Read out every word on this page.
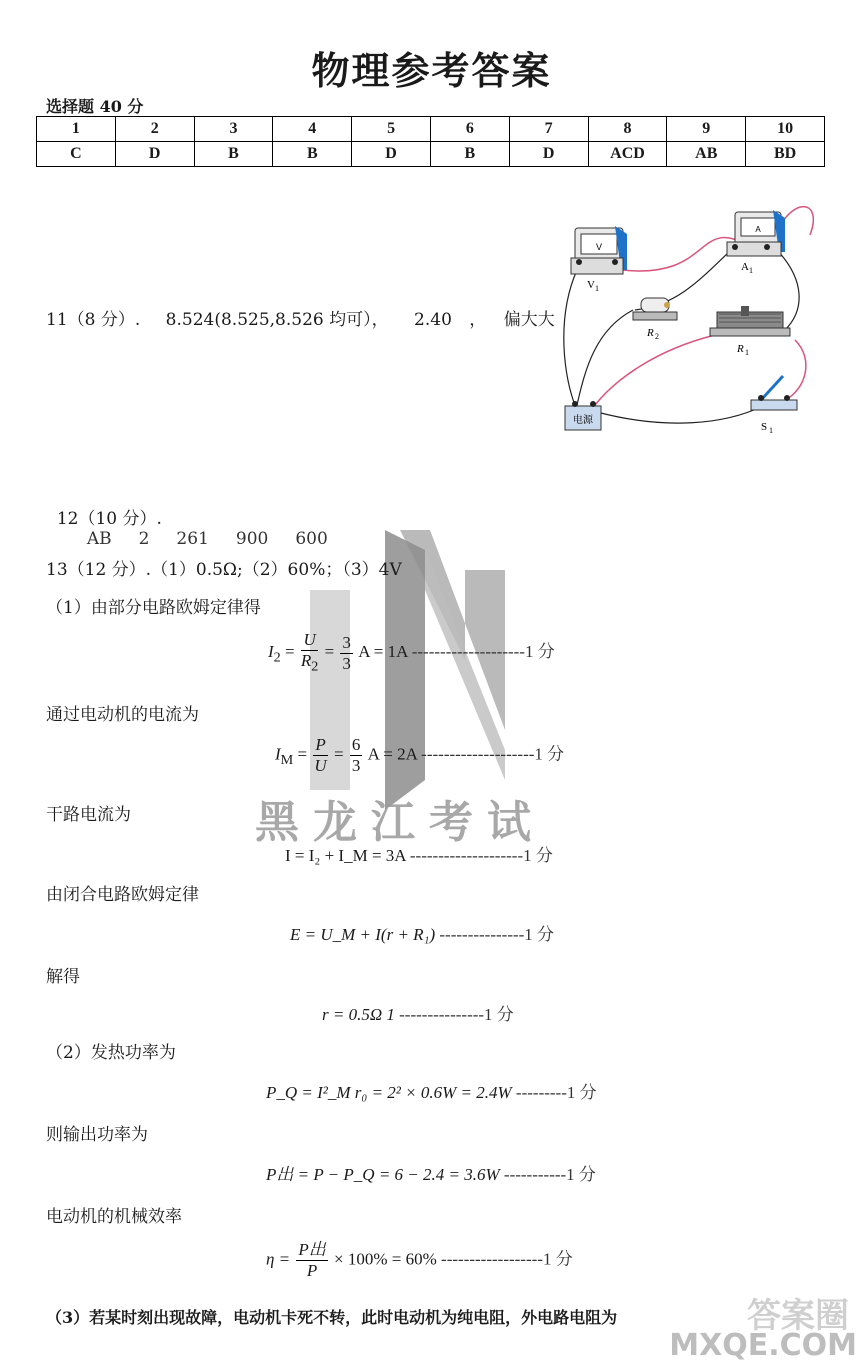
物理参考答案
选择题 40 分
1	2	3	4	5	6	7	8	9	10
C	D	B	B	D	B	D	ACD	AB	BD
11（8 分）. 8.524(8.525,8.526 均可）， 2.40 ， 偏大大
V
V 1
A
A 1
R 2
R 1
电源
S 1

12（10 分）.
AB     2     261     900     600

13（12 分）.（1）0.5Ω;（2）60%；（3）4V
（1）由部分电路欧姆定律得
$I_2 = \frac{U}{R_2} = \frac{3}{3}$ A = 1A --------------------1 分
通过电动机的电流为
$I_M = \frac{P}{U} = \frac{6}{3}$ A = 2A --------------------1 分
干路电流为	黑龙江考试
I = I₂ + I_M = 3A --------------------1 分
由闭合电路欧姆定律
E = U_M + I(r + R₁) ---------------1 分
解得
r = 0.5Ω 1 ---------------1 分
（2）发热功率为
P_Q = I²_M r₀ = 2² × 0.6W = 2.4W ---------1 分
则输出功率为
P出 = P − P_Q = 6 − 2.4 = 3.6W -----------1 分
电动机的机械效率
$\eta = \frac{\text{P出}}{P} \times 100\% = 60\%$ ------------------1 分
（3）若某时刻出现故障，电动机卡死不转，此时电动机为纯电阻，外电路电阻为	答案圈
MXQE.COM
